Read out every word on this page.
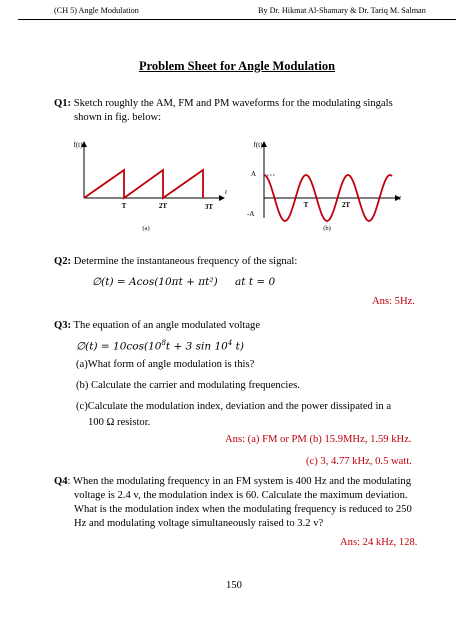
(CH 5) Angle Modulation	By Dr. Hikmat Al-Shamary & Dr. Tariq M. Salman
Problem Sheet for Angle Modulation
Q1: Sketch roughly the AM, FM and PM waveforms for the modulating singals
shown in fig. below:
f(t)
t
T	2T	3T
(a)
f(t)
t
A
-A
T	2T
(b)
Q2: Determine the instantaneous frequency of the signal:
∅(𝑡) = 𝐴𝑐𝑜𝑠(10𝜋𝑡 + 𝜋𝑡²) at 𝑡 = 0
Ans: 5Hz.
Q3: The equation of an angle modulated voltage
∅(𝑡) = $10𝑐𝑜𝑠(10^8𝑡 + 3$ $\sin 10^4$ 𝑡)
(a)What form of angle modulation is this?
(b) Calculate the carrier and modulating frequencies.
(c)Calculate the modulation index, deviation and the power dissipated in a
100 Ω resistor.
Ans: (a) FM or PM (b) 15.9MHz, 1.59 kHz.
(c) 3, 4.77 kHz, 0.5 watt.
Q4: When the modulating frequency in an FM system is 400 Hz and the modulating
voltage is 2.4 v, the modulation index is 60. Calculate the maximum deviation.
What is the modulation index when the modulating frequency is reduced to 250
Hz and modulating voltage simultaneously raised to 3.2 v?
Ans: 24 kHz, 128.
150
